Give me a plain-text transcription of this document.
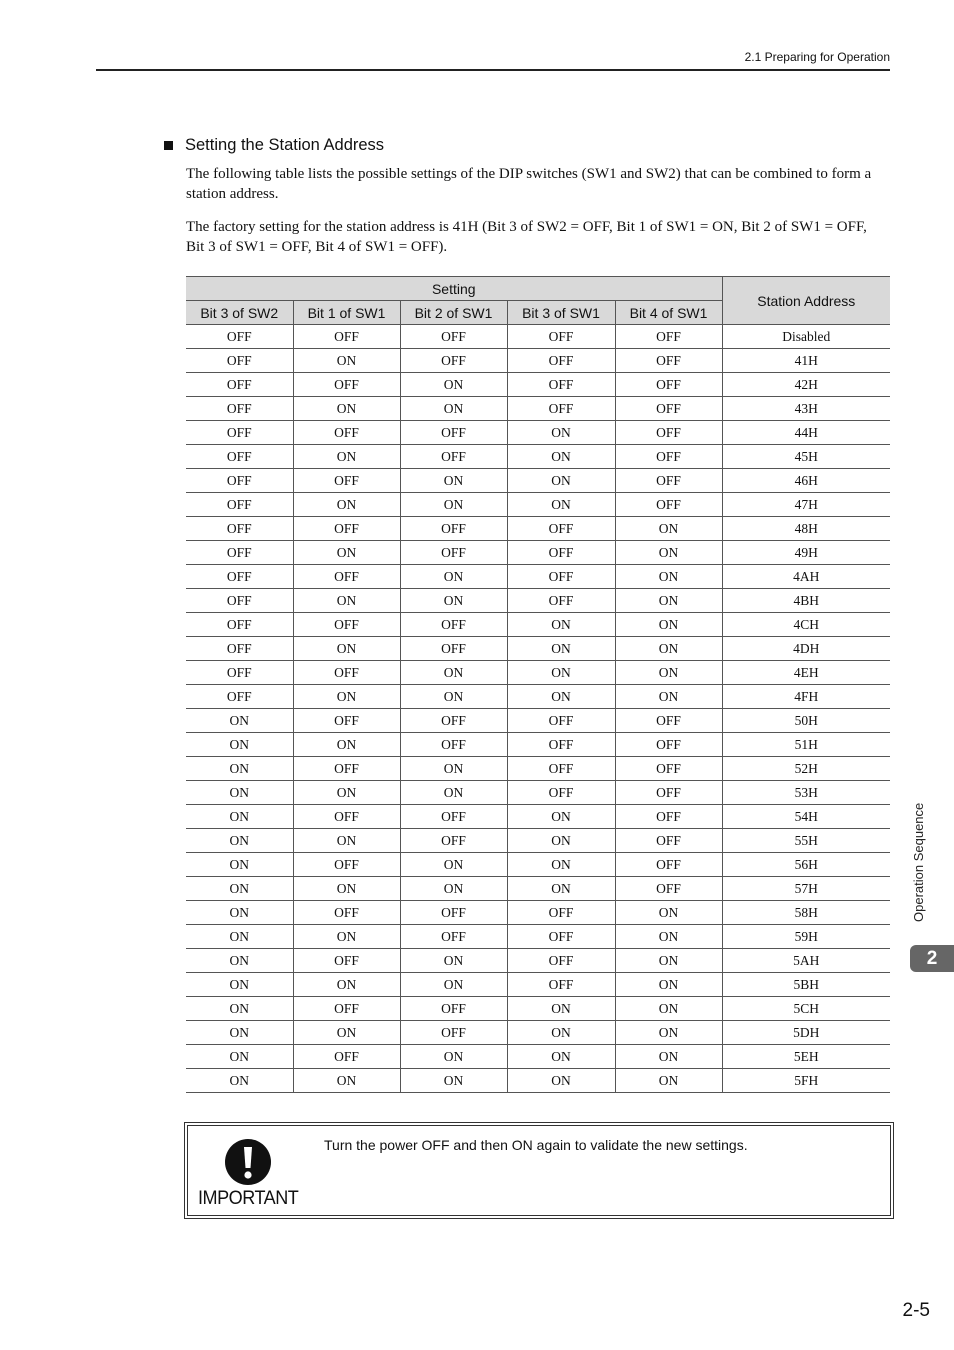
2.1 Preparing for Operation
Setting the Station Address
The following table lists the possible settings of the DIP switches (SW1 and SW2) that can be combined to form a station address.
The factory setting for the station address is 41H (Bit 3 of SW2 = OFF, Bit 1 of SW1 = ON, Bit 2 of SW1 = OFF, Bit 3 of SW1 = OFF, Bit 4 of SW1 = OFF).
Setting					Station Address
Bit 3 of SW2	Bit 1 of SW1	Bit 2 of SW1	Bit 3 of SW1	Bit 4 of SW1	
OFF	OFF	OFF	OFF	OFF	Disabled
OFF	ON	OFF	OFF	OFF	41H
OFF	OFF	ON	OFF	OFF	42H
OFF	ON	ON	OFF	OFF	43H
OFF	OFF	OFF	ON	OFF	44H
OFF	ON	OFF	ON	OFF	45H
OFF	OFF	ON	ON	OFF	46H
OFF	ON	ON	ON	OFF	47H
OFF	OFF	OFF	OFF	ON	48H
OFF	ON	OFF	OFF	ON	49H
OFF	OFF	ON	OFF	ON	4AH
OFF	ON	ON	OFF	ON	4BH
OFF	OFF	OFF	ON	ON	4CH
OFF	ON	OFF	ON	ON	4DH
OFF	OFF	ON	ON	ON	4EH
OFF	ON	ON	ON	ON	4FH
ON	OFF	OFF	OFF	OFF	50H
ON	ON	OFF	OFF	OFF	51H
ON	OFF	ON	OFF	OFF	52H
ON	ON	ON	OFF	OFF	53H
ON	OFF	OFF	ON	OFF	54H
ON	ON	OFF	ON	OFF	55H
ON	OFF	ON	ON	OFF	56H
ON	ON	ON	ON	OFF	57H
ON	OFF	OFF	OFF	ON	58H
ON	ON	OFF	OFF	ON	59H
ON	OFF	ON	OFF	ON	5AH
ON	ON	ON	OFF	ON	5BH
ON	OFF	OFF	ON	ON	5CH
ON	ON	OFF	ON	ON	5DH
ON	OFF	ON	ON	ON	5EH
ON	ON	ON	ON	ON	5FH
IMPORTANT
Turn the power OFF and then ON again to validate the new settings.
Operation Sequence
2
2-5
